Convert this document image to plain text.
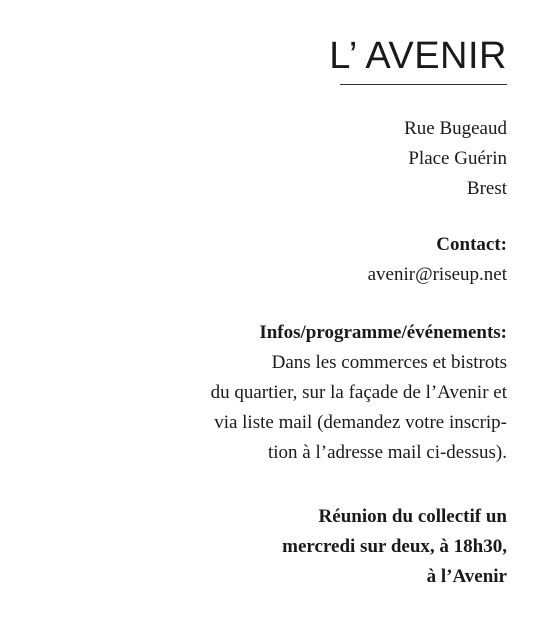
L’ AVENIR

Rue Bugeaud

Place Guérin

Brest

Contact:

avenir@riseup.net

Infos/programme/événements:

Dans les commerces et bistrots

du quartier, sur la façade de l’Avenir et

via liste mail (demandez votre inscrip-

tion à l’adresse mail ci-dessus).

Réunion du collectif un

mercredi sur deux, à 18h30,

à l’Avenir
